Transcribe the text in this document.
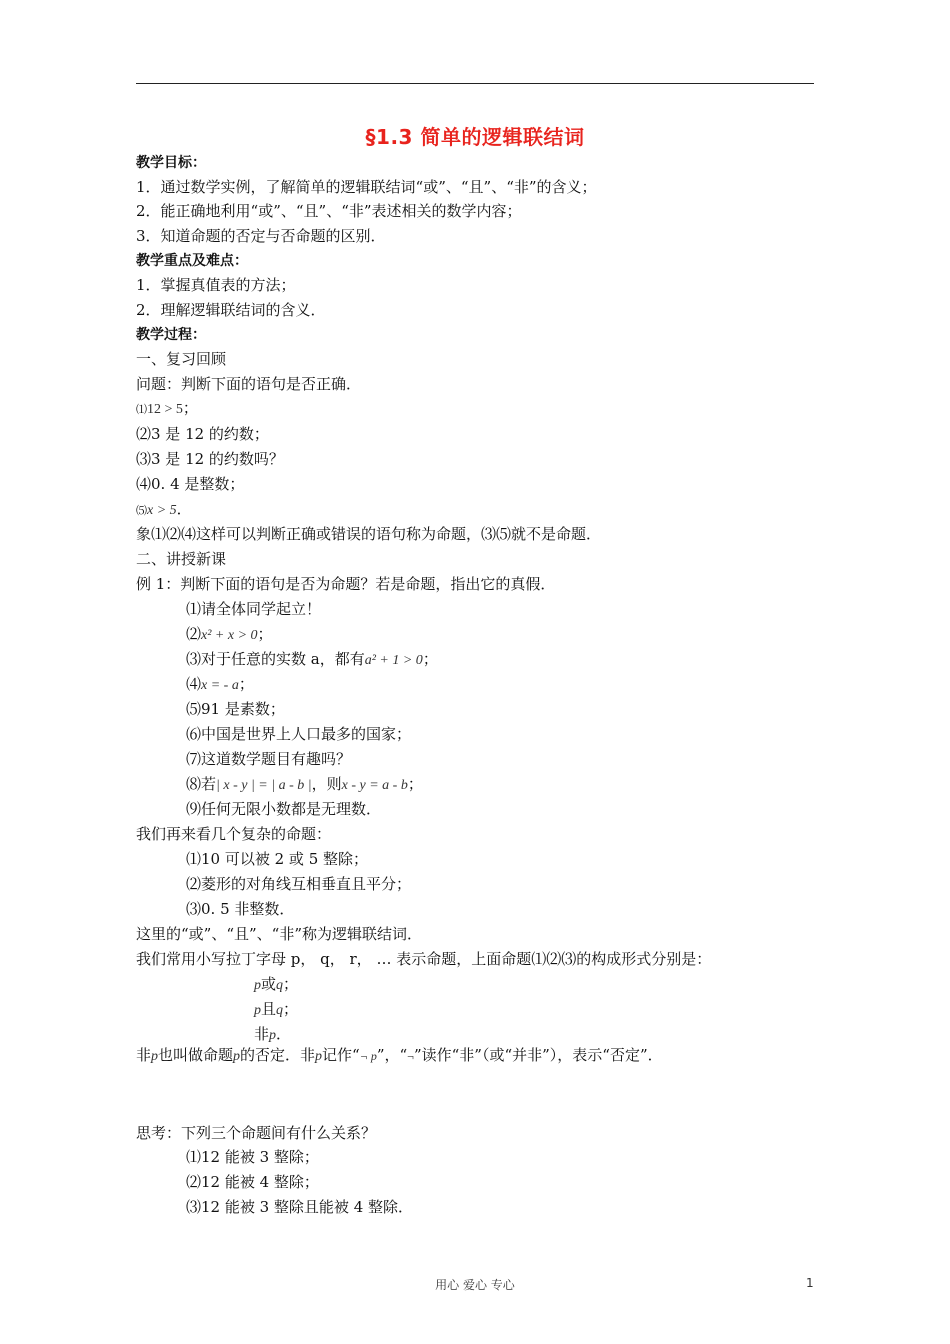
§1.3 简单的逻辑联结词
教学目标：
1．通过数学实例，了解简单的逻辑联结词“或”、“且”、“非”的含义；
2．能正确地利用“或”、“且”、“非”表述相关的数学内容；
3．知道命题的否定与否命题的区别．
教学重点及难点：
1．掌握真值表的方法；
2．理解逻辑联结词的含义．
教学过程：
一、复习回顾
问题：判断下面的语句是否正确．
⑴12 > 5；
⑵3 是 12 的约数；
⑶3 是 12 的约数吗？
⑷0. 4 是整数；
⑸x > 5．
象⑴⑵⑷这样可以判断正确或错误的语句称为命题，⑶⑸就不是命题．
二、讲授新课
例 1：判断下面的语句是否为命题？若是命题，指出它的真假．
⑴请全体同学起立！
⑵x² + x > 0；
⑶对于任意的实数 a，都有a² + 1 > 0；
⑷x = - a；
⑸91 是素数；
⑹中国是世界上人口最多的国家；
⑺这道数学题目有趣吗？
⑻若| x - y | = | a - b |，则x - y = a - b；
⑼任何无限小数都是无理数．
我们再来看几个复杂的命题：
⑴10 可以被 2 或 5 整除；
⑵菱形的对角线互相垂直且平分；
⑶0. 5 非整数．
这里的“或”、“且”、“非”称为逻辑联结词．
我们常用小写拉丁字母 p， q， r， … 表示命题，上面命题⑴⑵⑶的构成形式分别是：
p或q；
p且q；
非p．
非p也叫做命题p的否定．非p记作“¬ p”，“¬”读作“非”（或“并非”），表示“否定”．
思考：下列三个命题间有什么关系？
⑴12 能被 3 整除；
⑵12 能被 4 整除；
⑶12 能被 3 整除且能被 4 整除．
用心 爱心 专心	1
